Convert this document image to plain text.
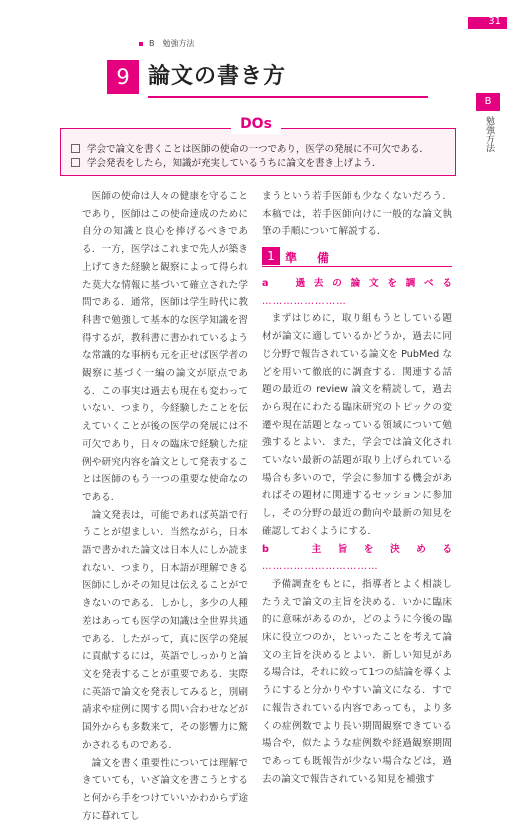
31
B　勉強方法
9 論文の書き方
B
勉強方法
学会で論文を書くことは医師の使命の一つであり，医学の発展に不可欠である．
学会発表をしたら，知識が充実しているうちに論文を書き上げよう．
DOs

医師の使命は人々の健康を守ることであり，医師はこの使命達成のために自分の知識と良心を捧げるべきである．一方，医学はこれまで先人が築き上げてきた経験と観察によって得られた莫大な情報に基づいて確立された学問である．通常，医師は学生時代に教科書で勉強して基本的な医学知識を習得するが，教科書に書かれているような常識的な事柄も元を正せば医学者の観察に基づく一編の論文が原点である．この事実は過去も現在も変わっていない．つまり，今経験したことを伝えていくことが後の医学の発展には不可欠であり，日々の臨床で経験した症例や研究内容を論文として発表することは医師のもう一つの重要な使命なのである．

論文発表は，可能であれば英語で行うことが望ましい．当然ながら，日本語で書かれた論文は日本人にしか読まれない．つまり，日本語が理解できる医師にしかその知見は伝えることができないのである．しかし，多少の人種差はあっても医学の知識は全世界共通である．したがって，真に医学の発展に貢献するには，英語でしっかりと論文を発表することが重要である．実際に英語で論文を発表してみると，別刷請求や症例に関する問い合わせなどが国外からも多数来て，その影響力に驚かされるものである．

論文を書く重要性については理解できていても，いざ論文を書こうとすると何から手をつけていいかわからず途方に暮れてし

まうという若手医師も少なくないだろう．本稿では，若手医師向けに一般的な論文執筆の手順について解説する．

1 準　備
a　過去の論文を調べる ……………………

まずはじめに，取り組もうとしている題材が論文に適しているかどうか，過去に同じ分野で報告されている論文を PubMed などを用いて徹底的に調査する．関連する話題の最近の review 論文を精読して，過去から現在にわたる臨床研究のトピックの変遷や現在話題となっている領域について勉強するとよい．また，学会では論文化されていない最新の話題が取り上げられている場合も多いので，学会に参加する機会があればその題材に関連するセッションに参加し，その分野の最近の動向や最新の知見を確認しておくようにする．

b　主旨を決める ……………………………

予備調査をもとに，指導者とよく相談したうえで論文の主旨を決める．いかに臨床的に意味があるのか，どのように今後の臨床に役立つのか，といったことを考えて論文の主旨を決めるとよい．新しい知見がある場合は，それに絞って1つの結論を導くようにすると分かりやすい論文になる．すでに報告されている内容であっても，より多くの症例数でより長い期間観察できている場合や，似たような症例数や経過観察期間であっても既報告が少ない場合などは，過去の論文で報告されている知見を補強す
